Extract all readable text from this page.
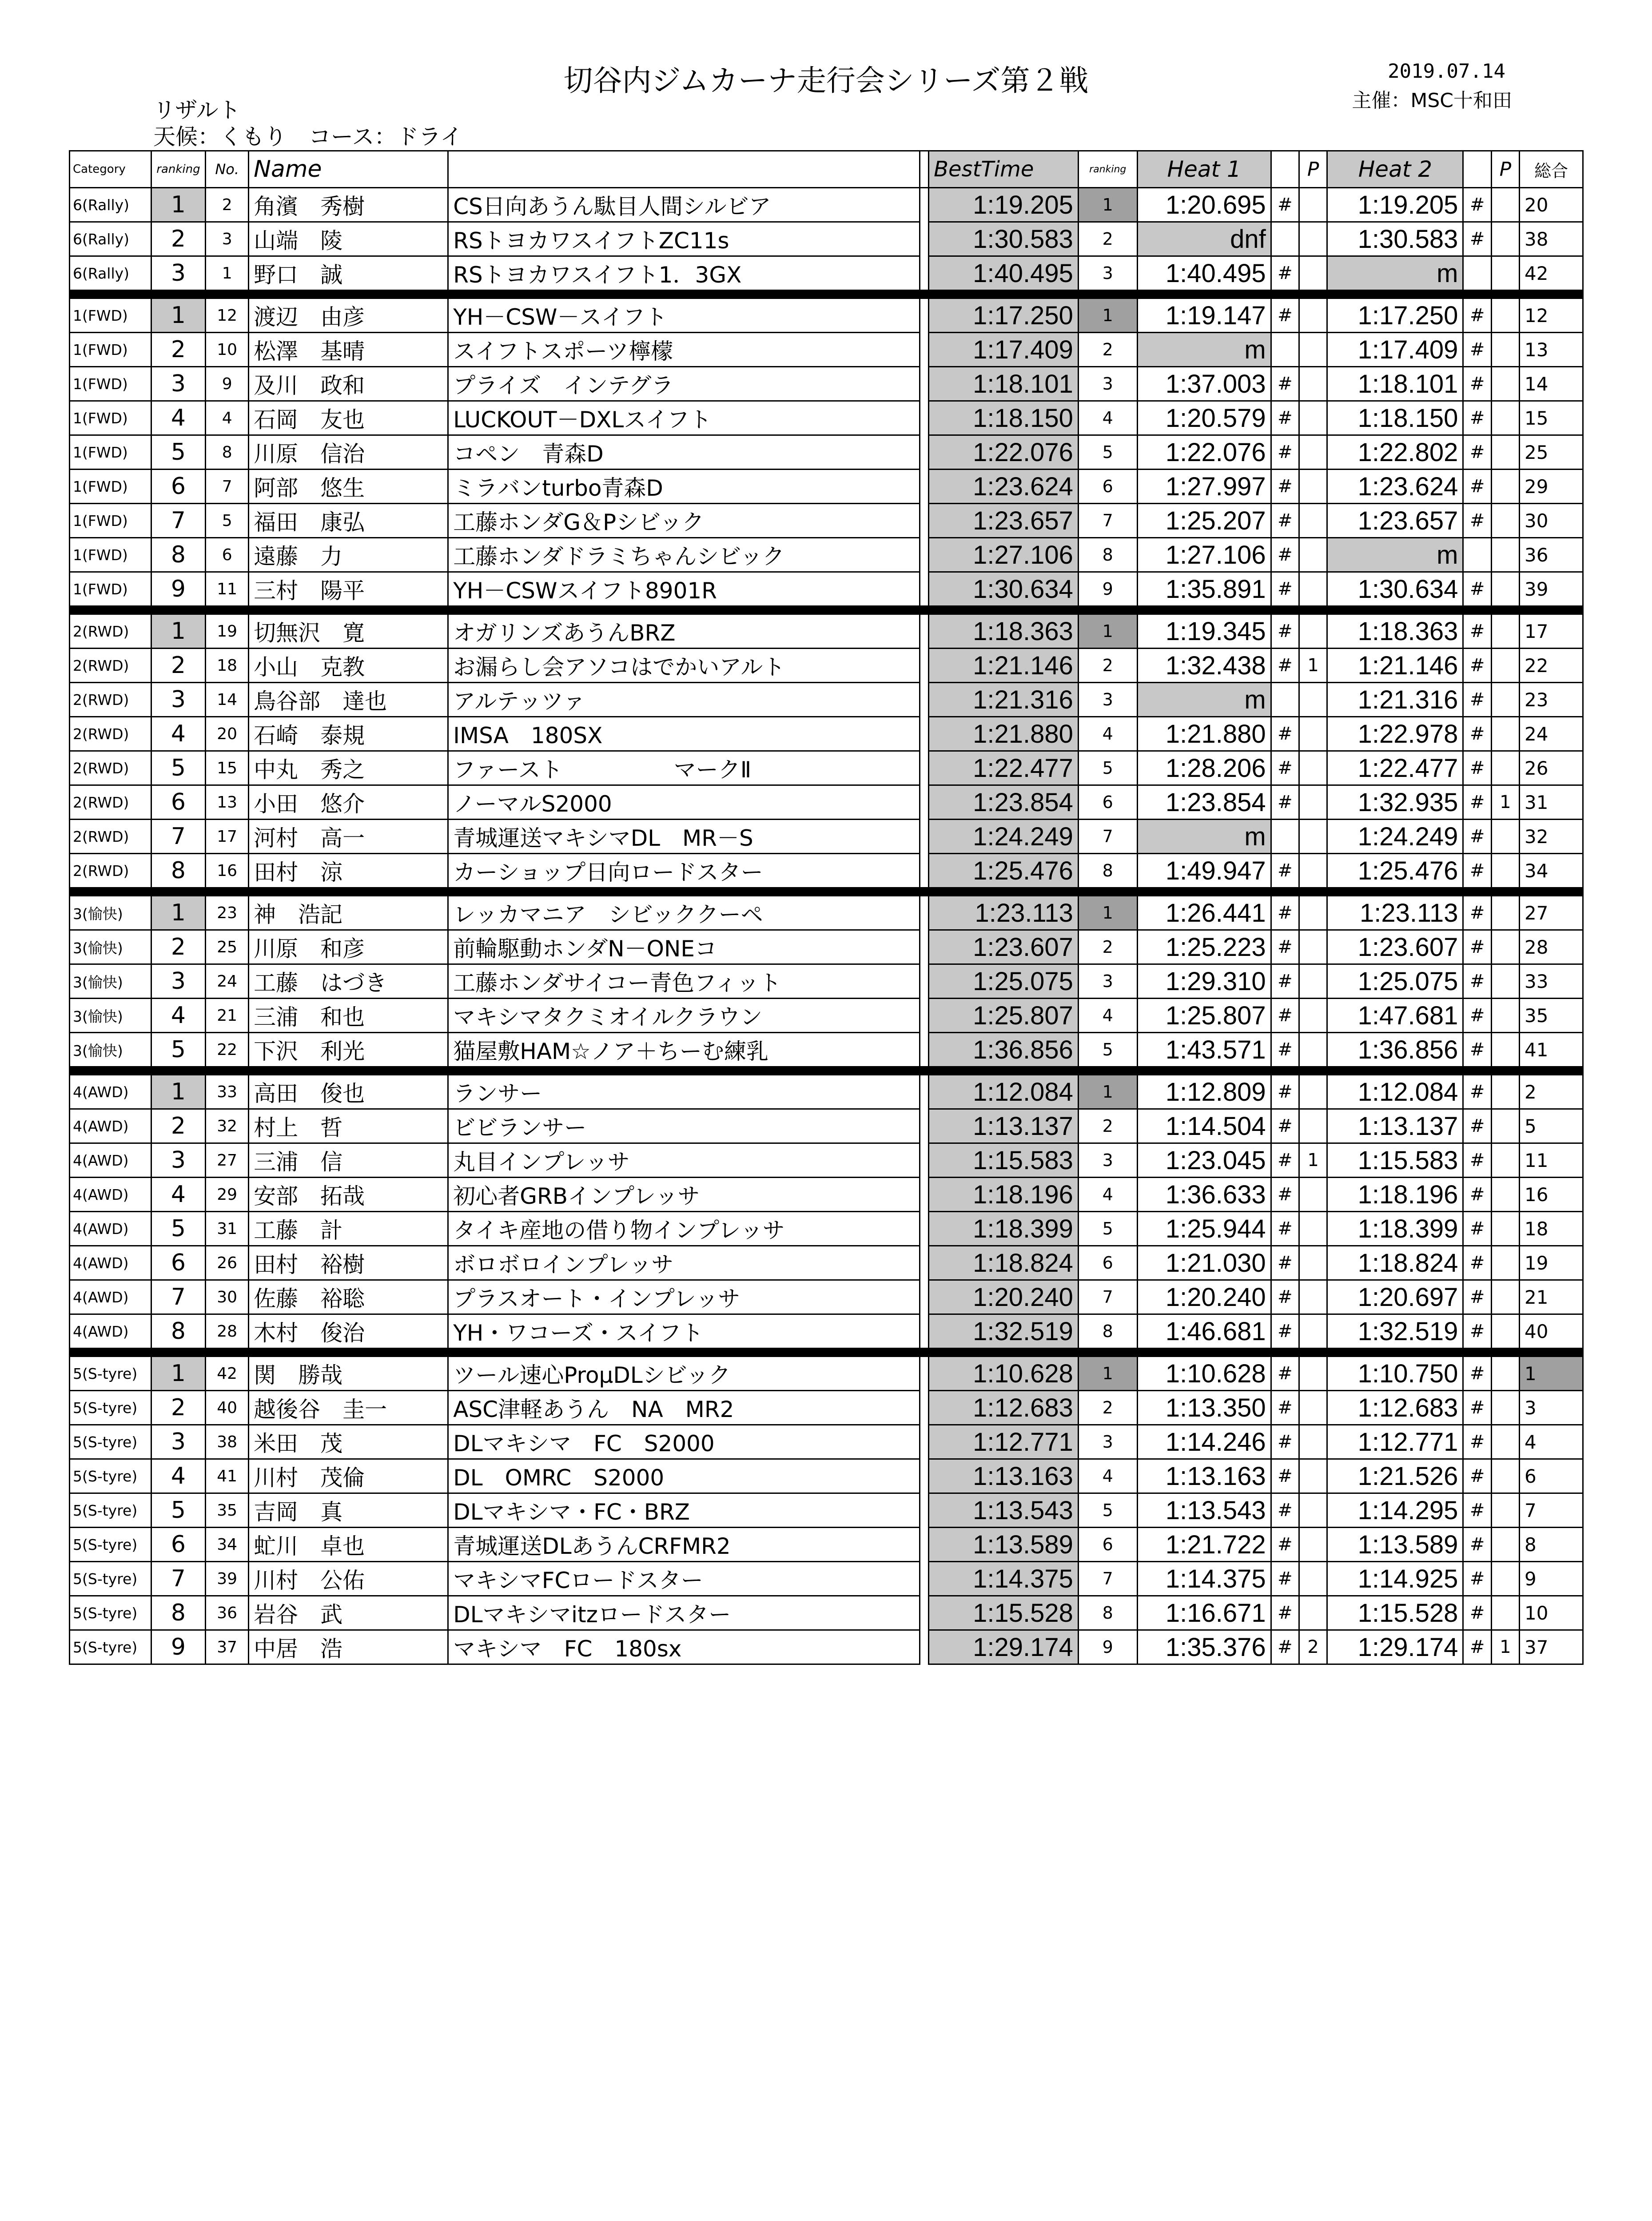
切谷内ジムカーナ走行会シリーズ第２戦	2019.07.14
主催：MSC十和田
リザルト
天候：くもり　コース：ドライ
Category	ranking	No.	Name			BestTime	ranking	Heat 1		P	Heat 2		P	総合
6(Rally)	1	2	角濱　秀樹	CS日向あうん駄目人間シルビア		1:19.205	1	1:20.695	#		1:19.205	#		20
6(Rally)	2	3	山端　陵	RSトヨカワスイフトZC11s		1:30.583	2	dnf			1:30.583	#		38
6(Rally)	3	1	野口　誠	RSトヨカワスイフト1．3GX		1:40.495	3	1:40.495	#		m			42

1(FWD)	1	12	渡辺　由彦	YH－CSW－スイフト		1:17.250	1	1:19.147	#		1:17.250	#		12
1(FWD)	2	10	松澤　基晴	スイフトスポーツ檸檬		1:17.409	2	m			1:17.409	#		13
1(FWD)	3	9	及川　政和	プライズ　インテグラ		1:18.101	3	1:37.003	#		1:18.101	#		14
1(FWD)	4	4	石岡　友也	LUCKOUT－DXLスイフト		1:18.150	4	1:20.579	#		1:18.150	#		15
1(FWD)	5	8	川原　信治	コペン　青森D		1:22.076	5	1:22.076	#		1:22.802	#		25
1(FWD)	6	7	阿部　悠生	ミラバンturbo青森D		1:23.624	6	1:27.997	#		1:23.624	#		29
1(FWD)	7	5	福田　康弘	工藤ホンダG＆Pシビック		1:23.657	7	1:25.207	#		1:23.657	#		30
1(FWD)	8	6	遠藤　力	工藤ホンダドラミちゃんシビック		1:27.106	8	1:27.106	#		m			36
1(FWD)	9	11	三村　陽平	YH－CSWスイフト8901R		1:30.634	9	1:35.891	#		1:30.634	#		39

2(RWD)	1	19	切無沢　寛	オガリンズあうんBRZ		1:18.363	1	1:19.345	#		1:18.363	#		17
2(RWD)	2	18	小山　克教	お漏らし会アソコはでかいアルト		1:21.146	2	1:32.438	#	1	1:21.146	#		22
2(RWD)	3	14	鳥谷部　達也	アルテッツァ		1:21.316	3	m			1:21.316	#		23
2(RWD)	4	20	石崎　泰規	IMSA　180SX		1:21.880	4	1:21.880	#		1:22.978	#		24
2(RWD)	5	15	中丸　秀之	ファースト　　　　　マークⅡ		1:22.477	5	1:28.206	#		1:22.477	#		26
2(RWD)	6	13	小田　悠介	ノーマルS2000		1:23.854	6	1:23.854	#		1:32.935	#	1	31
2(RWD)	7	17	河村　高一	青城運送マキシマDL　MR－S		1:24.249	7	m			1:24.249	#		32
2(RWD)	8	16	田村　涼	カーショップ日向ロードスター		1:25.476	8	1:49.947	#		1:25.476	#		34

3(愉快)	1	23	神　浩記	レッカマニア　シビッククーペ		1:23.113	1	1:26.441	#		1:23.113	#		27
3(愉快)	2	25	川原　和彦	前輪駆動ホンダN－ONEコ		1:23.607	2	1:25.223	#		1:23.607	#		28
3(愉快)	3	24	工藤　はづき	工藤ホンダサイコー青色フィット		1:25.075	3	1:29.310	#		1:25.075	#		33
3(愉快)	4	21	三浦　和也	マキシマタクミオイルクラウン		1:25.807	4	1:25.807	#		1:47.681	#		35
3(愉快)	5	22	下沢　利光	猫屋敷HAM☆ノア＋ちーむ練乳		1:36.856	5	1:43.571	#		1:36.856	#		41

4(AWD)	1	33	高田　俊也	ランサー		1:12.084	1	1:12.809	#		1:12.084	#		2
4(AWD)	2	32	村上　哲	ビビランサー		1:13.137	2	1:14.504	#		1:13.137	#		5
4(AWD)	3	27	三浦　信	丸目インプレッサ		1:15.583	3	1:23.045	#	1	1:15.583	#		11
4(AWD)	4	29	安部　拓哉	初心者GRBインプレッサ		1:18.196	4	1:36.633	#		1:18.196	#		16
4(AWD)	5	31	工藤　計	タイキ産地の借り物インプレッサ		1:18.399	5	1:25.944	#		1:18.399	#		18
4(AWD)	6	26	田村　裕樹	ボロボロインプレッサ		1:18.824	6	1:21.030	#		1:18.824	#		19
4(AWD)	7	30	佐藤　裕聡	プラスオート・インプレッサ		1:20.240	7	1:20.240	#		1:20.697	#		21
4(AWD)	8	28	木村　俊治	YH・ワコーズ・スイフト		1:32.519	8	1:46.681	#		1:32.519	#		40

5(S-tyre)	1	42	関　勝哉	ツール速心ProμDLシビック		1:10.628	1	1:10.628	#		1:10.750	#		1
5(S-tyre)	2	40	越後谷　圭一	ASC津軽あうん　NA　MR2		1:12.683	2	1:13.350	#		1:12.683	#		3
5(S-tyre)	3	38	米田　茂	DLマキシマ　FC　S2000		1:12.771	3	1:14.246	#		1:12.771	#		4
5(S-tyre)	4	41	川村　茂倫	DL　OMRC　S2000		1:13.163	4	1:13.163	#		1:21.526	#		6
5(S-tyre)	5	35	吉岡　真	DLマキシマ・FC・BRZ		1:13.543	5	1:13.543	#		1:14.295	#		7
5(S-tyre)	6	34	虻川　卓也	青城運送DLあうんCRFMR2		1:13.589	6	1:21.722	#		1:13.589	#		8
5(S-tyre)	7	39	川村　公佑	マキシマFCロードスター		1:14.375	7	1:14.375	#		1:14.925	#		9
5(S-tyre)	8	36	岩谷　武	DLマキシマitzロードスター		1:15.528	8	1:16.671	#		1:15.528	#		10
5(S-tyre)	9	37	中居　浩	マキシマ　FC　180sx		1:29.174	9	1:35.376	#	2	1:29.174	#	1	37
